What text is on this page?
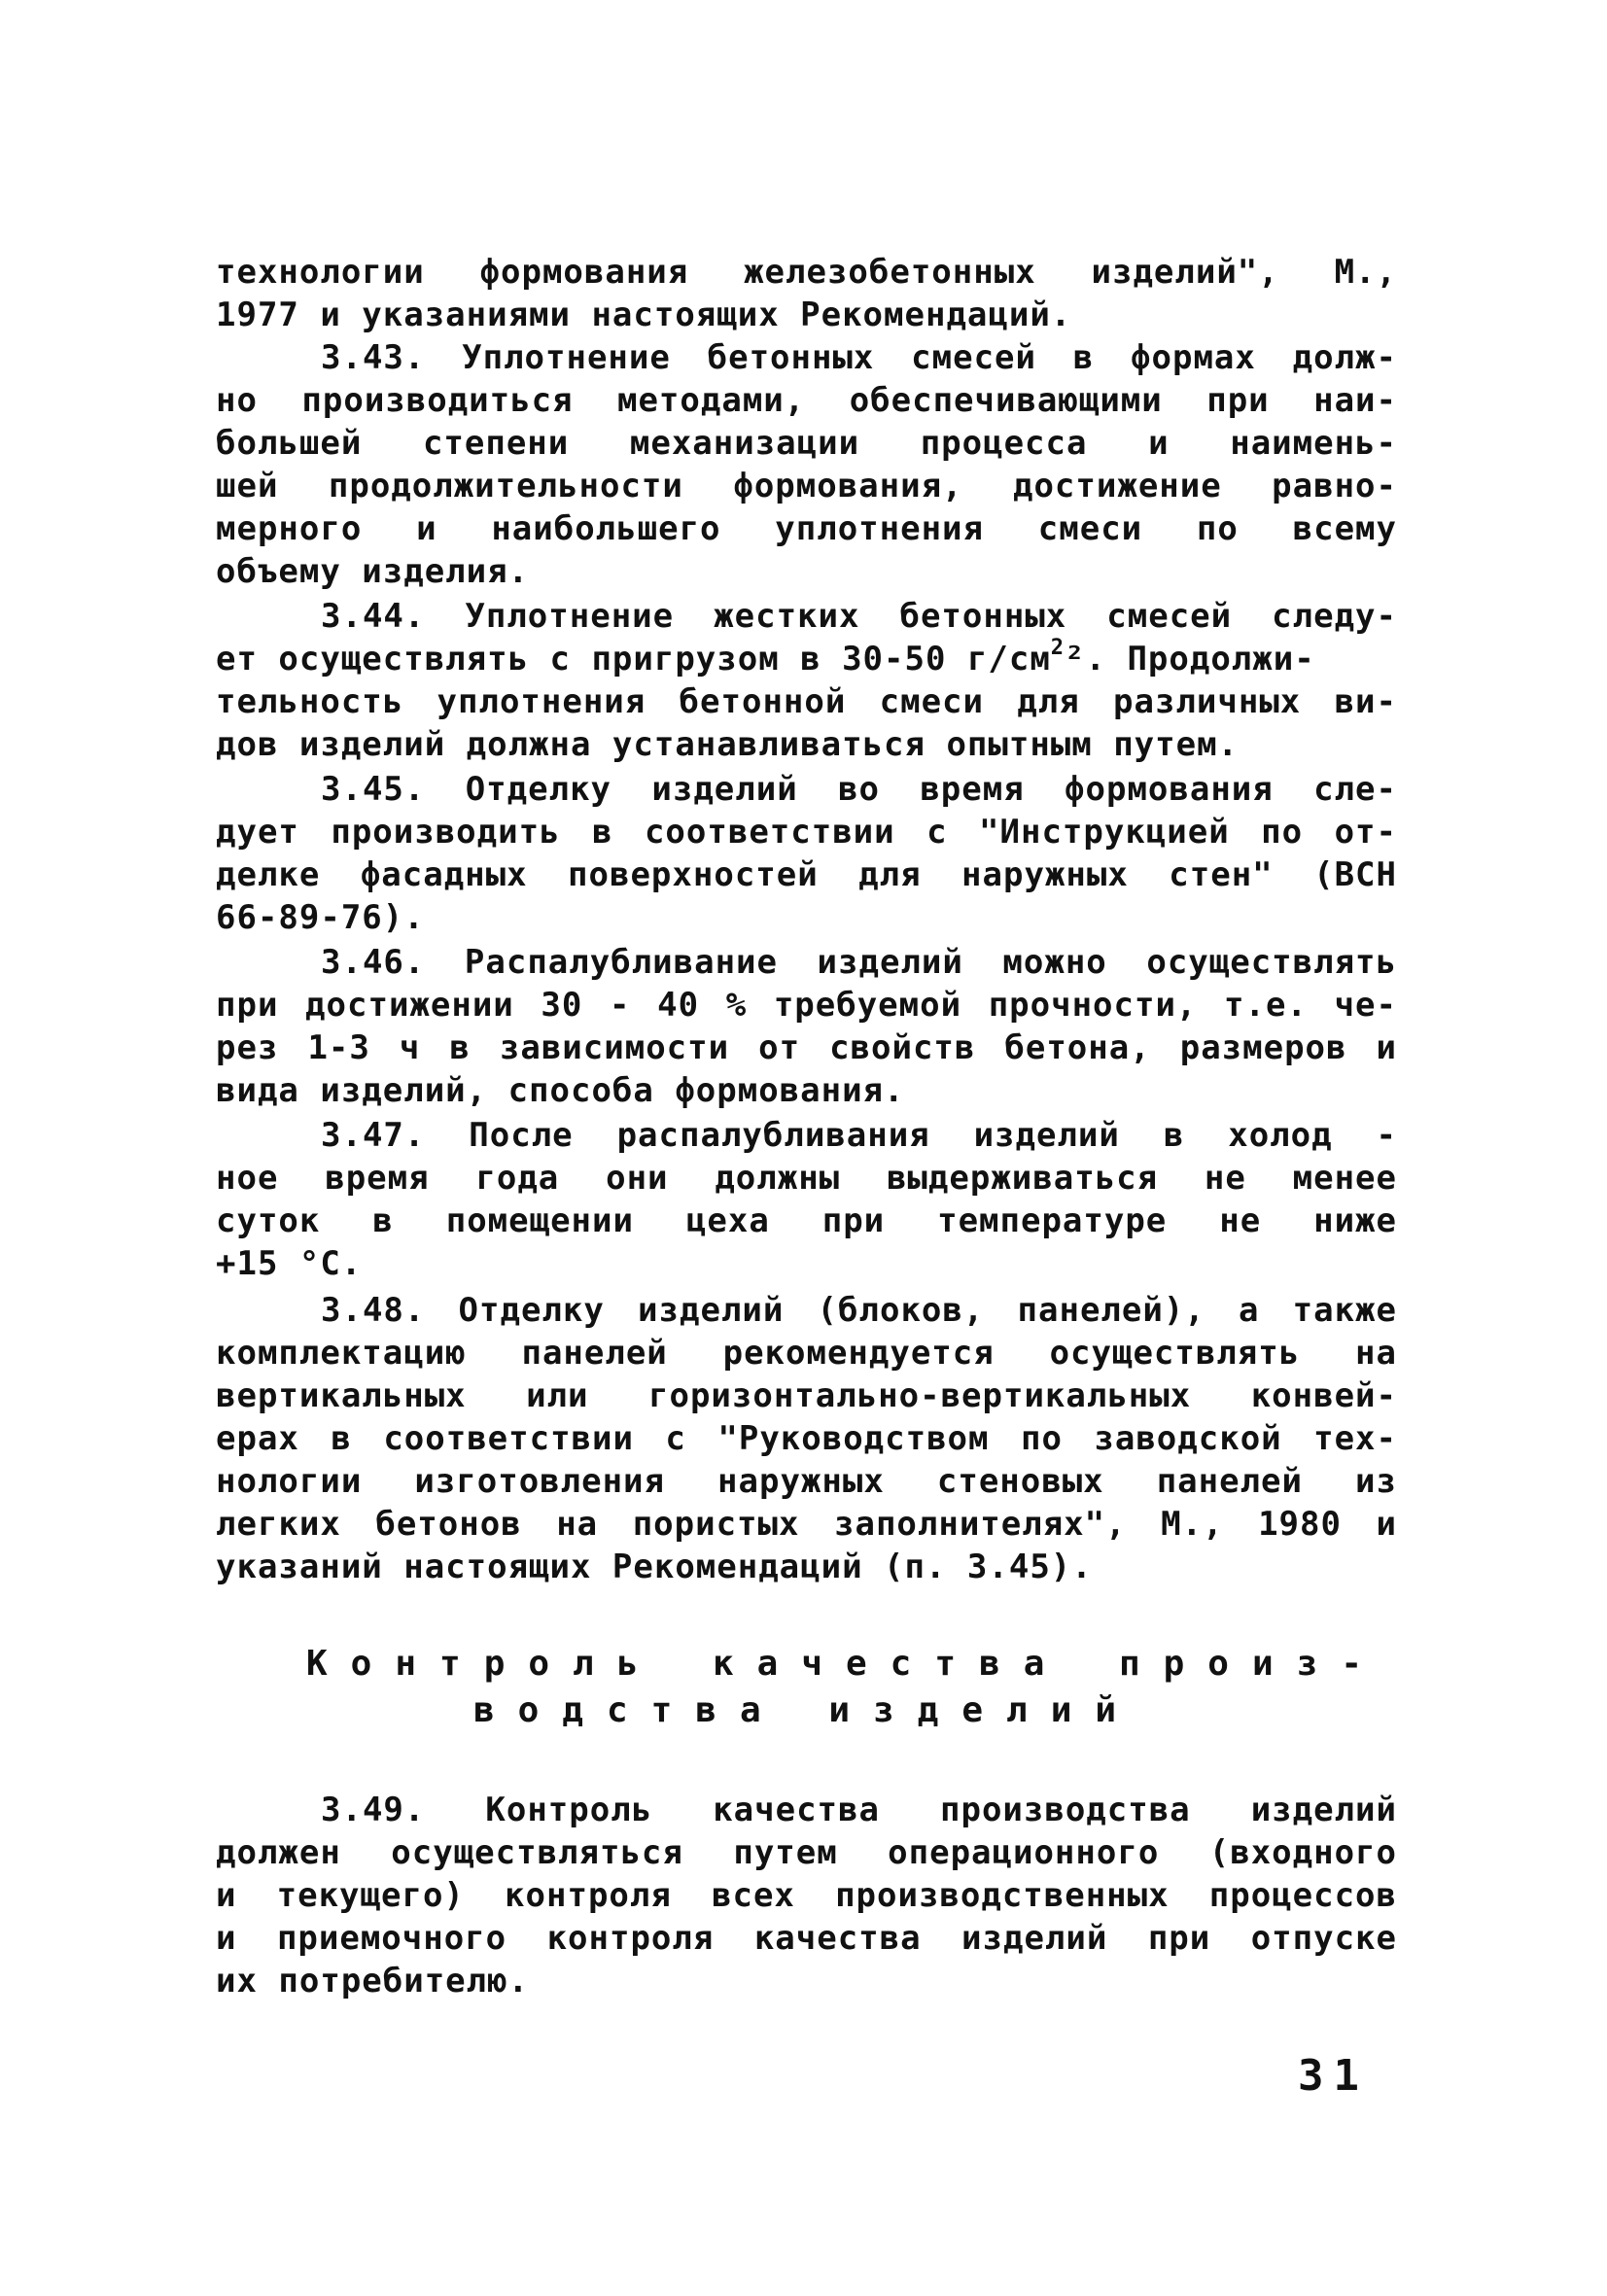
технологии формования железобетонных изделий", М.,
1977 и указаниями настоящих Рекомендаций.
3.43. Уплотнение бетонных смесей в формах долж-
но производиться методами, обеспечивающими при наи-
большей степени механизации процесса и наимень-
шей продолжительности формования, достижение равно-
мерного и наибольшего уплотнения смеси по всему
объему изделия.
3.44. Уплотнение жестких бетонных смесей следу-
ет осуществлять с пригрузом в 30-50 $г/см^2^2$. Продолжи-
тельность уплотнения бетонной смеси для различных ви-
дов изделий должна устанавливаться опытным путем.
3.45. Отделку изделий во время формования сле-
дует производить в соответствии с "Инструкцией по от-
делке фасадных поверхностей для наружных стен" (ВСН
66-89-76).
3.46. Распалубливание изделий можно осуществлять
при достижении 30 - 40 % требуемой прочности, т.е. че-
рез 1-3 ч в зависимости от свойств бетона, размеров и
вида изделий, способа формования.
3.47. После распалубливания изделий в холод -
ное время года они должны выдерживаться не менее
суток в помещении цеха при температуре не ниже
+15 °С.
3.48. Отделку изделий (блоков, панелей), а также
комплектацию панелей рекомендуется осуществлять на
вертикальных или горизонтально-вертикальных конвей-
ерах в соответствии с "Руководством по заводской тех-
нологии изготовления наружных стеновых панелей из
легких бетонов на пористых заполнителях", М., 1980 и
указаний настоящих Рекомендаций (п. 3.45).
Контроль качества произ-
водства изделий
3.49. Контроль качества производства изделий
должен осуществляться путем операционного (входного
и текущего) контроля всех производственных процессов
и приемочного контроля качества изделий при отпуске
их потребителю.
31
